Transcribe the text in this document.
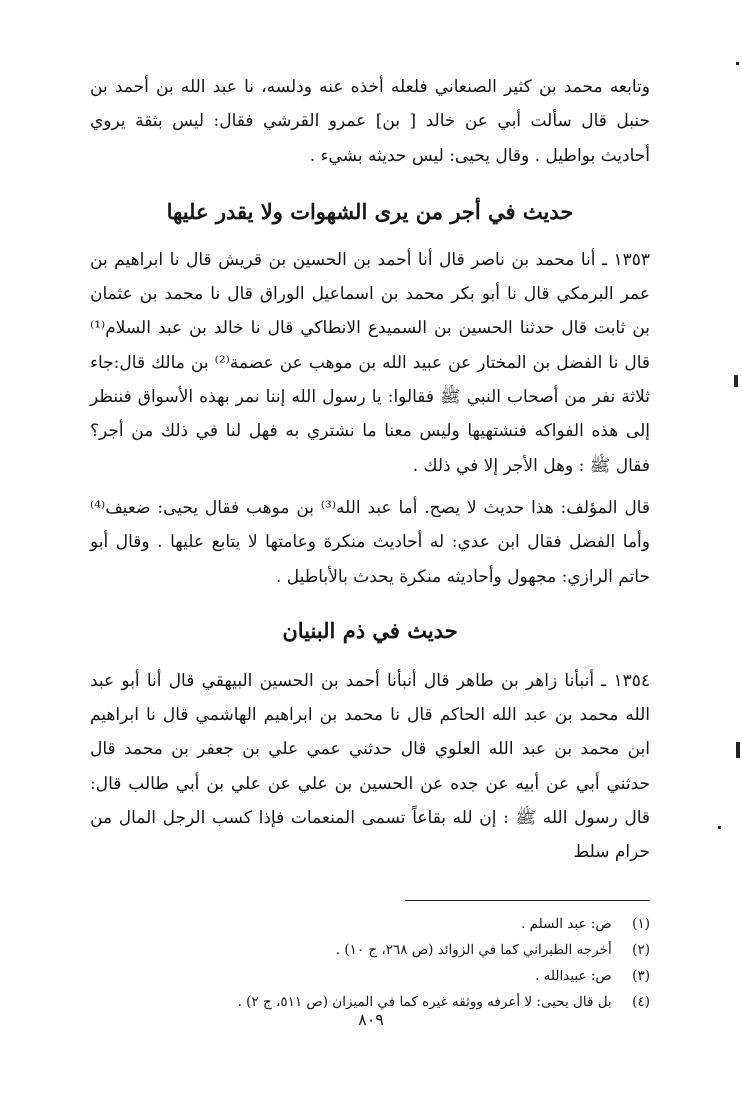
وتابعه محمد بن كثير الصنعاني فلعله أخذه عنه ودلسه، نا عبد الله بن أحمد بن حنبل قال سألت أبي عن خالد [ بن] عمرو القرشي فقال: ليس بثقة يروي أحاديث بواطيل . وقال يحيى: ليس حديثه بشيء .

حديث في أجر من يرى الشهوات ولا يقدر عليها

١٣٥٣ ـ أنا محمد بن ناصر قال أنا أحمد بن الحسين بن قريش قال نا ابراهيم بن عمر البرمكي قال نا أبو بكر محمد بن اسماعيل الوراق قال نا محمد بن عثمان بن ثابت قال حدثنا الحسين بن السميدع الانطاكي قال نا خالد بن عبد السلام⁽¹⁾ قال نا الفضل بن المختار عن عبيد الله بن موهب عن عصمة⁽²⁾ بن مالك قال:جاء ثلاثة نفر من أصحاب النبي ﷺ فقالوا: يا رسول الله إننا نمر بهذه الأسواق فننظر إلى هذه الفواكه فنشتهيها وليس معنا ما نشتري به فهل لنا في ذلك من أجر؟ فقال ﷺ : وهل الأجر إلا في ذلك .

قال المؤلف: هذا حديث لا يصح. أما عبد الله⁽³⁾ بن موهب فقال يحيى: ضعيف⁽⁴⁾ وأما الفضل فقال ابن عدي: له أحاديث منكرة وعامتها لا يتابع عليها . وقال أبو حاتم الرازي: مجهول وأحاديثه منكرة يحدث بالأباطيل .

حديث في ذم البنيان

١٣٥٤ ـ أنبأنا زاهر بن طاهر قال أنبأنا أحمد بن الحسين البيهقي قال أنا أبو عبد الله محمد بن عبد الله الحاكم قال نا محمد بن ابراهيم الهاشمي قال نا ابراهيم ابن محمد بن عبد الله العلوي قال حدثني عمي علي بن جعفر بن محمد قال حدثني أبي عن أبيه عن جده عن الحسين بن علي عن علي بن أبي طالب قال: قال رسول الله ﷺ : إن لله بقاعاً تسمى المنعمات فإذا كسب الرجل المال من حرام سلط

(١) ص: عبد السلم .
(٢) أخرجه الطبراني كما في الزوائد (ص ٢٦٨، ج ١٠) .
(٣) ص: عبيدالله .
(٤) بل قال يحيى: لا أعرفه ووثقه غيره كما في الميزان (ص ٥١١، ج ٢) .
٨٠٩
